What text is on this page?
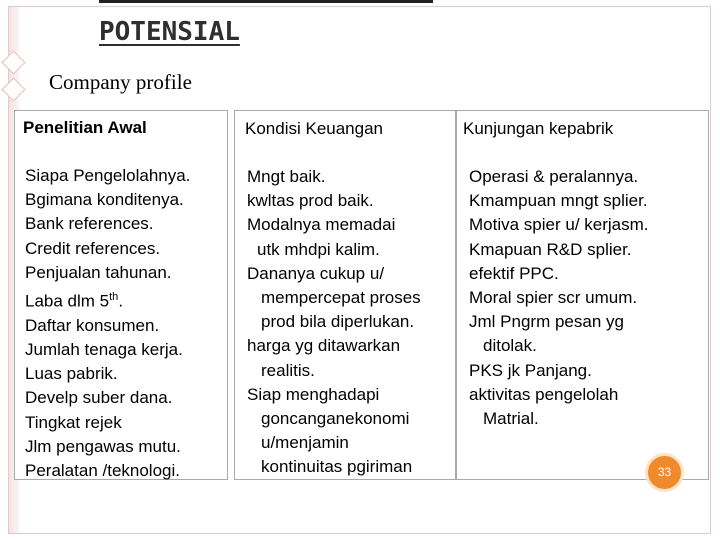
POTENSIAL
Company profile
Penelitian Awal
Siapa Pengelolahnya.
Bgimana konditenya.
Bank references.
Credit references.
Penjualan tahunan.
Laba dlm 5th.
Daftar konsumen.
Jumlah tenaga kerja.
Luas pabrik.
Develp suber dana.
Tingkat rejek
Jlm pengawas mutu.
Peralatan /teknologi.
Kondisi Keuangan
Mngt baik.
kwltas prod baik.
Modalnya memadai
utk mhdpi kalim.
Dananya cukup u/
mempercepat proses
prod bila diperlukan.
harga yg ditawarkan
realitis.
Siap menghadapi
goncanganekonomi
u/menjamin
kontinuitas pgiriman
Kunjungan kepabrik
Operasi & peralannya.
Kmampuan mngt splier.
Motiva spier u/ kerjasm.
Kmapuan R&D splier.
efektif PPC.
Moral spier scr umum.
Jml Pngrm pesan yg
ditolak.
PKS jk Panjang.
aktivitas pengelolah
Matrial.
33
